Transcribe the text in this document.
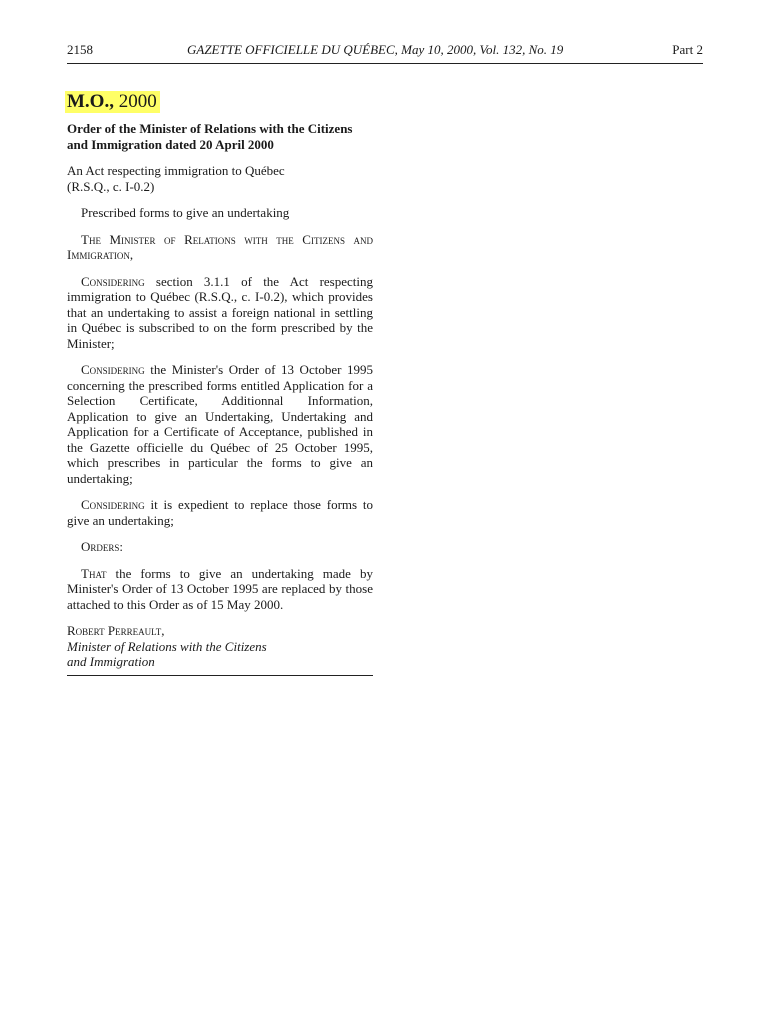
2158	GAZETTE OFFICIELLE DU QUÉBEC, May 10, 2000, Vol. 132, No. 19	Part 2
M.O., 2000
Order of the Minister of Relations with the Citizens and Immigration dated 20 April 2000

An Act respecting immigration to Québec
(R.S.Q., c. I-0.2)

Prescribed forms to give an undertaking

The Minister of Relations with the Citizens and Immigration,

Considering section 3.1.1 of the Act respecting immigration to Québec (R.S.Q., c. I-0.2), which provides that an undertaking to assist a foreign national in settling in Québec is subscribed to on the form prescribed by the Minister;

Considering the Minister's Order of 13 October 1995 concerning the prescribed forms entitled Application for a Selection Certificate, Additionnal Information, Application to give an Undertaking, Undertaking and Application for a Certificate of Acceptance, published in the Gazette officielle du Québec of 25 October 1995, which prescribes in particular the forms to give an undertaking;

Considering it is expedient to replace those forms to give an undertaking;

Orders:

That the forms to give an undertaking made by Minister's Order of 13 October 1995 are replaced by those attached to this Order as of 15 May 2000.

Robert Perreault,
Minister of Relations with the Citizens
and Immigration
